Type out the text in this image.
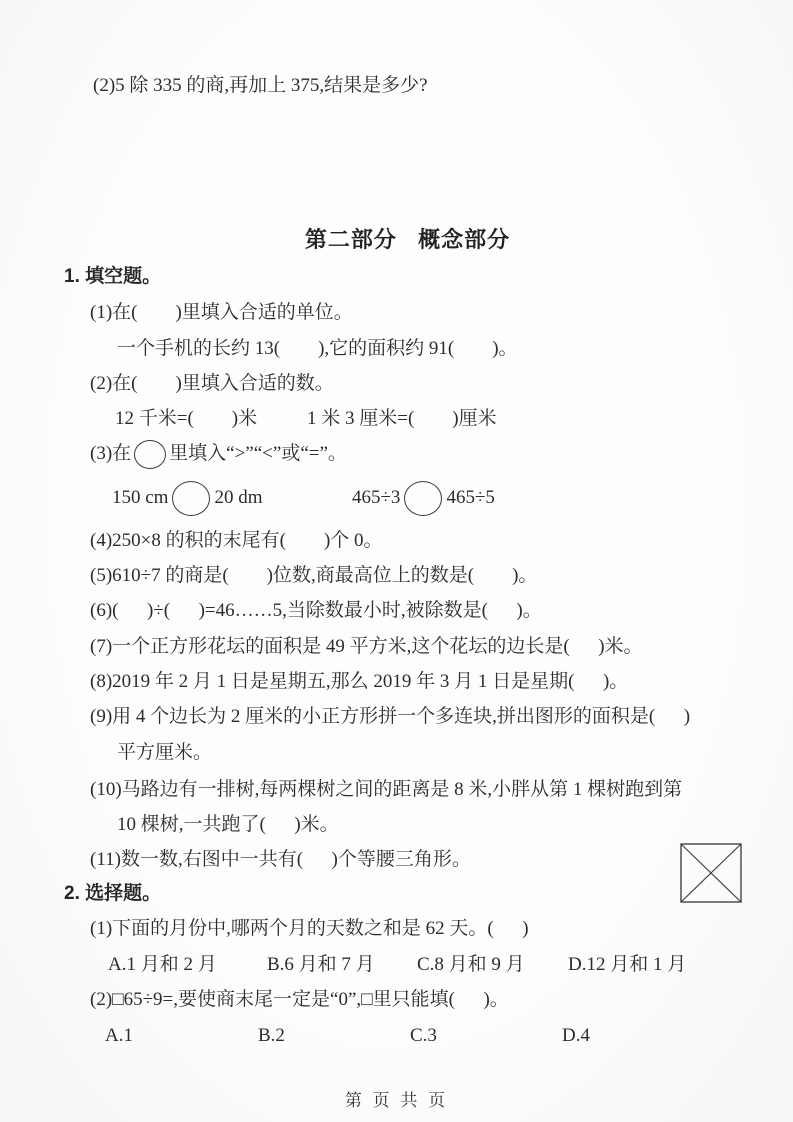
(2)5 除 335 的商,再加上 375,结果是多少?
第二部分   概念部分
1. 填空题。
(1)在(        )里填入合适的单位。
一个手机的长约 13(        ),它的面积约 91(        )。
(2)在(        )里填入合适的数。

12 千米=(        )米

	1 米 3 厘米=(        )厘米

(3)在 里填入“>”“<”或“=”。

150 cm 20 dm

	465÷3 465÷5

(4)250×8 的积的末尾有(        )个 0。
(5)610÷7 的商是(        )位数,商最高位上的数是(        )。
(6)(      )÷(      )=46……5,当除数最小时,被除数是(      )。
(7)一个正方形花坛的面积是 49 平方米,这个花坛的边长是(      )米。
(8)2019 年 2 月 1 日是星期五,那么 2019 年 3 月 1 日是星期(      )。
(9)用 4 个边长为 2 厘米的小正方形拼一个多连块,拼出图形的面积是(      )
平方厘米。
(10)马路边有一排树,每两棵树之间的距离是 8 米,小胖从第 1 棵树跑到第
10 棵树,一共跑了(      )米。
(11)数一数,右图中一共有(      )个等腰三角形。
2. 选择题。
(1)下面的月份中,哪两个月的天数之和是 62 天。(      )

A.1 月和 2 月

	B.6 月和 7 月

C.8 月和 9 月

D.12 月和 1 月

(2)□65÷9=,要使商末尾一定是“0”,□里只能填(      )。

A.1

	B.2

	C.3

	D.4

第 页 共 页
